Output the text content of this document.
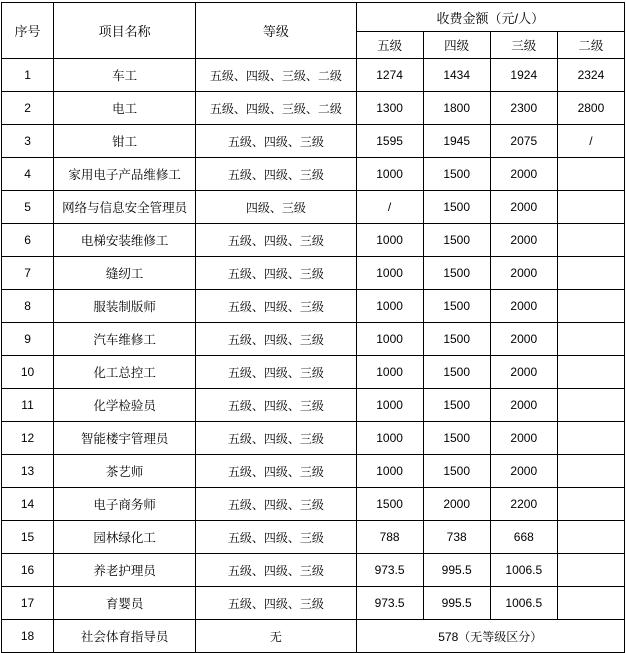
序号	项目名称	等级	收费金额（元/人）			
			五级	四级	三级	二级
1	车工	五级、四级、三级、二级	1274	1434	1924	2324
2	电工	五级、四级、三级、二级	1300	1800	2300	2800
3	钳工	五级、四级、三级	1595	1945	2075	/
4	家用电子产品维修工	五级、四级、三级	1000	1500	2000	
5	网络与信息安全管理员	四级、三级	/	1500	2000	
6	电梯安装维修工	五级、四级、三级	1000	1500	2000	
7	缝纫工	五级、四级、三级	1000	1500	2000	
8	服装制版师	五级、四级、三级	1000	1500	2000	
9	汽车维修工	五级、四级、三级	1000	1500	2000	
10	化工总控工	五级、四级、三级	1000	1500	2000	
11	化学检验员	五级、四级、三级	1000	1500	2000	
12	智能楼宇管理员	五级、四级、三级	1000	1500	2000	
13	茶艺师	五级、四级、三级	1000	1500	2000	
14	电子商务师	五级、四级、三级	1500	2000	2200	
15	园林绿化工	五级、四级、三级	788	738	668	
16	养老护理员	五级、四级、三级	973.5	995.5	1006.5	
17	育婴员	五级、四级、三级	973.5	995.5	1006.5	
18	社会体育指导员	无	578（无等级区分）			
